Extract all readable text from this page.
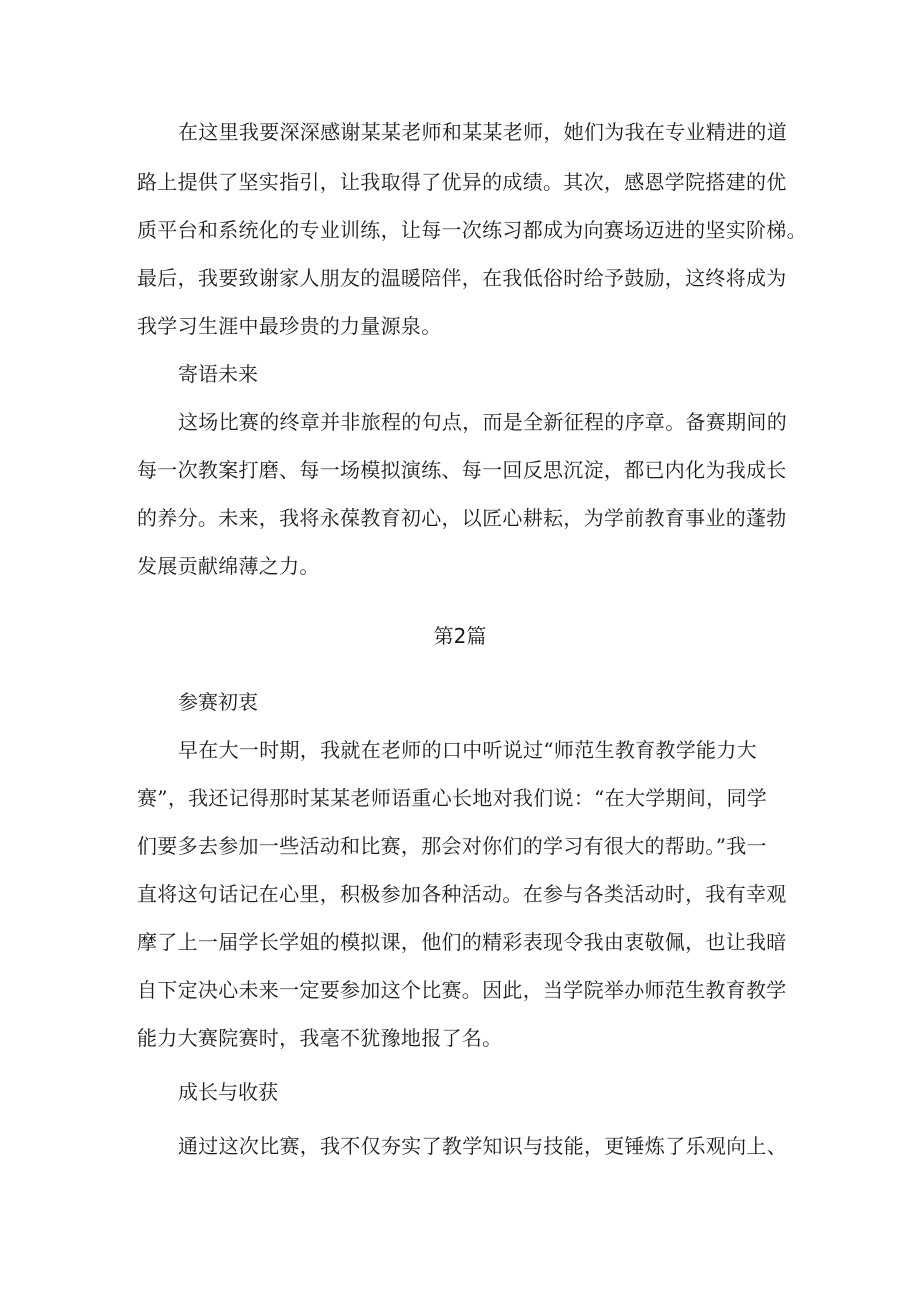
在这里我要深深感谢某某老师和某某老师，她们为我在专业精进的道
路上提供了坚实指引，让我取得了优异的成绩。其次，感恩学院搭建的优
质平台和系统化的专业训练，让每一次练习都成为向赛场迈进的坚实阶梯。
最后，我要致谢家人朋友的温暖陪伴，在我低俗时给予鼓励，这终将成为
我学习生涯中最珍贵的力量源泉。
寄语未来
这场比赛的终章并非旅程的句点，而是全新征程的序章。备赛期间的
每一次教案打磨、每一场模拟演练、每一回反思沉淀，都已内化为我成长
的养分。未来，我将永葆教育初心，以匠心耕耘，为学前教育事业的蓬勃
发展贡献绵薄之力。
第2篇
参赛初衷
早在大一时期，我就在老师的口中听说过“师范生教育教学能力大
赛”，我还记得那时某某老师语重心长地对我们说：“在大学期间，同学
们要多去参加一些活动和比赛，那会对你们的学习有很大的帮助。”我一
直将这句话记在心里，积极参加各种活动。在参与各类活动时，我有幸观
摩了上一届学长学姐的模拟课，他们的精彩表现令我由衷敬佩，也让我暗
自下定决心未来一定要参加这个比赛。因此，当学院举办师范生教育教学
能力大赛院赛时，我毫不犹豫地报了名。
成长与收获
通过这次比赛，我不仅夯实了教学知识与技能，更锤炼了乐观向上、
